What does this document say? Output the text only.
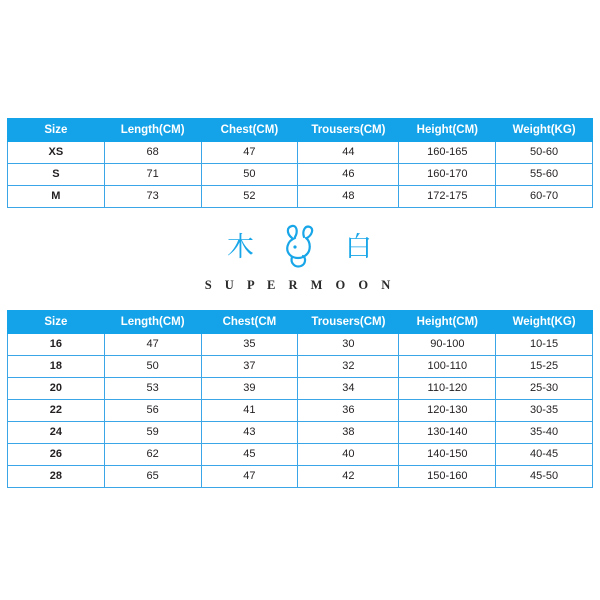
Size	Length(CM)	Chest(CM)	Trousers(CM)	Height(CM)	Weight(KG)
XS	68	47	44	160-165	50-60
S	71	50	46	160-170	55-60
M	73	52	48	172-175	60-70
木	白
S U P E R M O O N
Size	Length(CM)	Chest(CM	Trousers(CM)	Height(CM)	Weight(KG)
16	47	35	30	90-100	10-15
18	50	37	32	100-110	15-25
20	53	39	34	110-120	25-30
22	56	41	36	120-130	30-35
24	59	43	38	130-140	35-40
26	62	45	40	140-150	40-45
28	65	47	42	150-160	45-50
